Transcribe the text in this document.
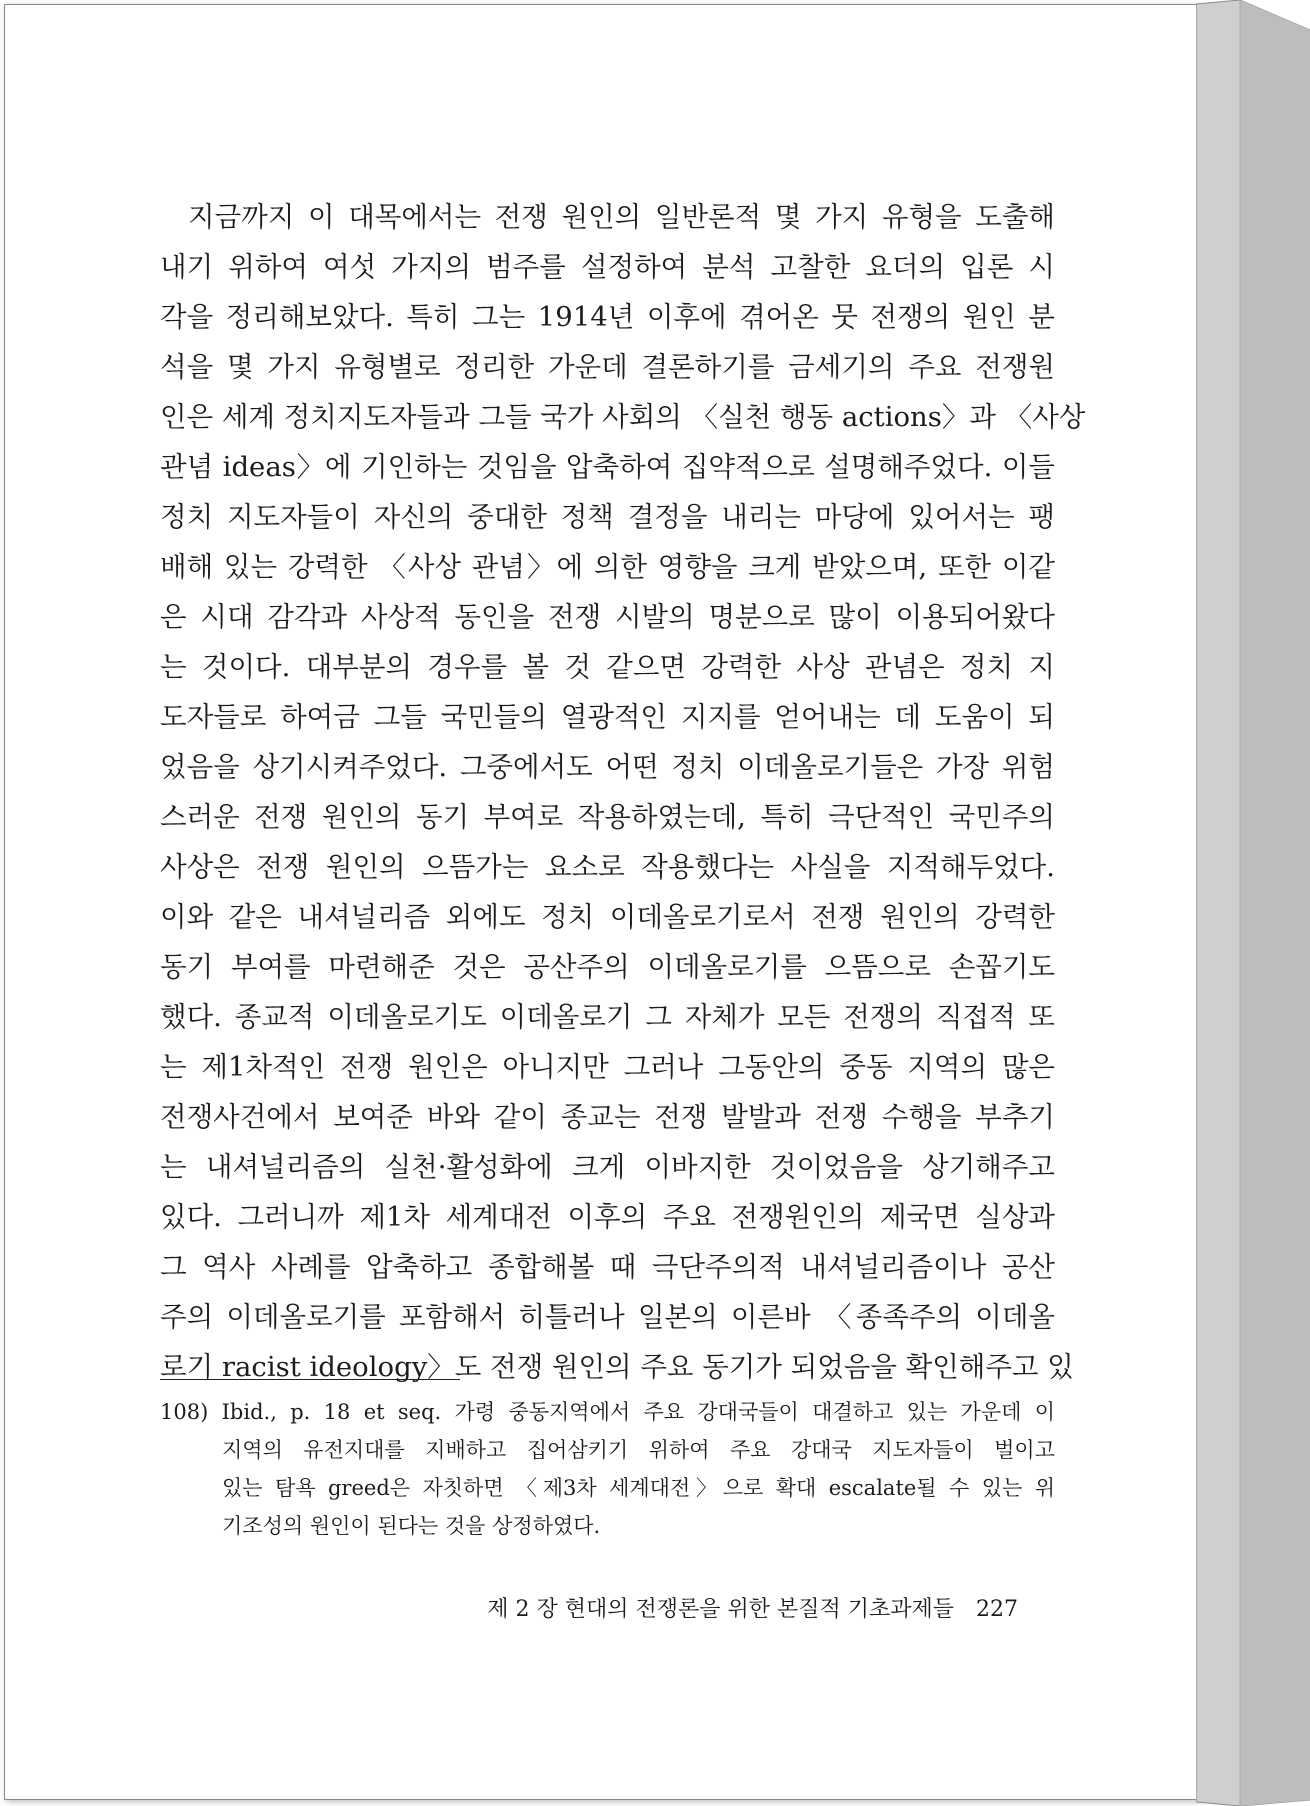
지금까지 이 대목에서는 전쟁 원인의 일반론적 몇 가지 유형을 도출해
내기 위하여 여섯 가지의 범주를 설정하여 분석 고찰한 요더의 입론 시
각을 정리해보았다. 특히 그는 1914년 이후에 겪어온 뭇 전쟁의 원인 분
석을 몇 가지 유형별로 정리한 가운데 결론하기를 금세기의 주요 전쟁원
인은 세계 정치지도자들과 그들 국가 사회의 〈실천 행동 actions〉과 〈사상
관념 ideas〉에 기인하는 것임을 압축하여 집약적으로 설명해주었다. 이들
정치 지도자들이 자신의 중대한 정책 결정을 내리는 마당에 있어서는 팽
배해 있는 강력한 〈사상 관념〉에 의한 영향을 크게 받았으며, 또한 이같
은 시대 감각과 사상적 동인을 전쟁 시발의 명분으로 많이 이용되어왔다
는 것이다. 대부분의 경우를 볼 것 같으면 강력한 사상 관념은 정치 지
도자들로 하여금 그들 국민들의 열광적인 지지를 얻어내는 데 도움이 되
었음을 상기시켜주었다. 그중에서도 어떤 정치 이데올로기들은 가장 위험
스러운 전쟁 원인의 동기 부여로 작용하였는데, 특히 극단적인 국민주의
사상은 전쟁 원인의 으뜸가는 요소로 작용했다는 사실을 지적해두었다.
이와 같은 내셔널리즘 외에도 정치 이데올로기로서 전쟁 원인의 강력한
동기 부여를 마련해준 것은 공산주의 이데올로기를 으뜸으로 손꼽기도
했다. 종교적 이데올로기도 이데올로기 그 자체가 모든 전쟁의 직접적 또
는 제1차적인 전쟁 원인은 아니지만 그러나 그동안의 중동 지역의 많은
전쟁사건에서 보여준 바와 같이 종교는 전쟁 발발과 전쟁 수행을 부추기
는 내셔널리즘의 실천·활성화에 크게 이바지한 것이었음을 상기해주고
있다. 그러니까 제1차 세계대전 이후의 주요 전쟁원인의 제국면 실상과
그 역사 사례를 압축하고 종합해볼 때 극단주의적 내셔널리즘이나 공산
주의 이데올로기를 포함해서 히틀러나 일본의 이른바 〈종족주의 이데올
로기 racist ideology〉도 전쟁 원인의 주요 동기가 되었음을 확인해주고 있
108) Ibid., p. 18 et seq. 가령 중동지역에서 주요 강대국들이 대결하고 있는 가운데 이
지역의 유전지대를 지배하고 집어삼키기 위하여 주요 강대국 지도자들이 벌이고
있는 탐욕 greed은 자칫하면 〈제3차 세계대전〉으로 확대 escalate될 수 있는 위
기조성의 원인이 된다는 것을 상정하였다.
제 2 장 현대의 전쟁론을 위한 본질적 기초과제들 227
